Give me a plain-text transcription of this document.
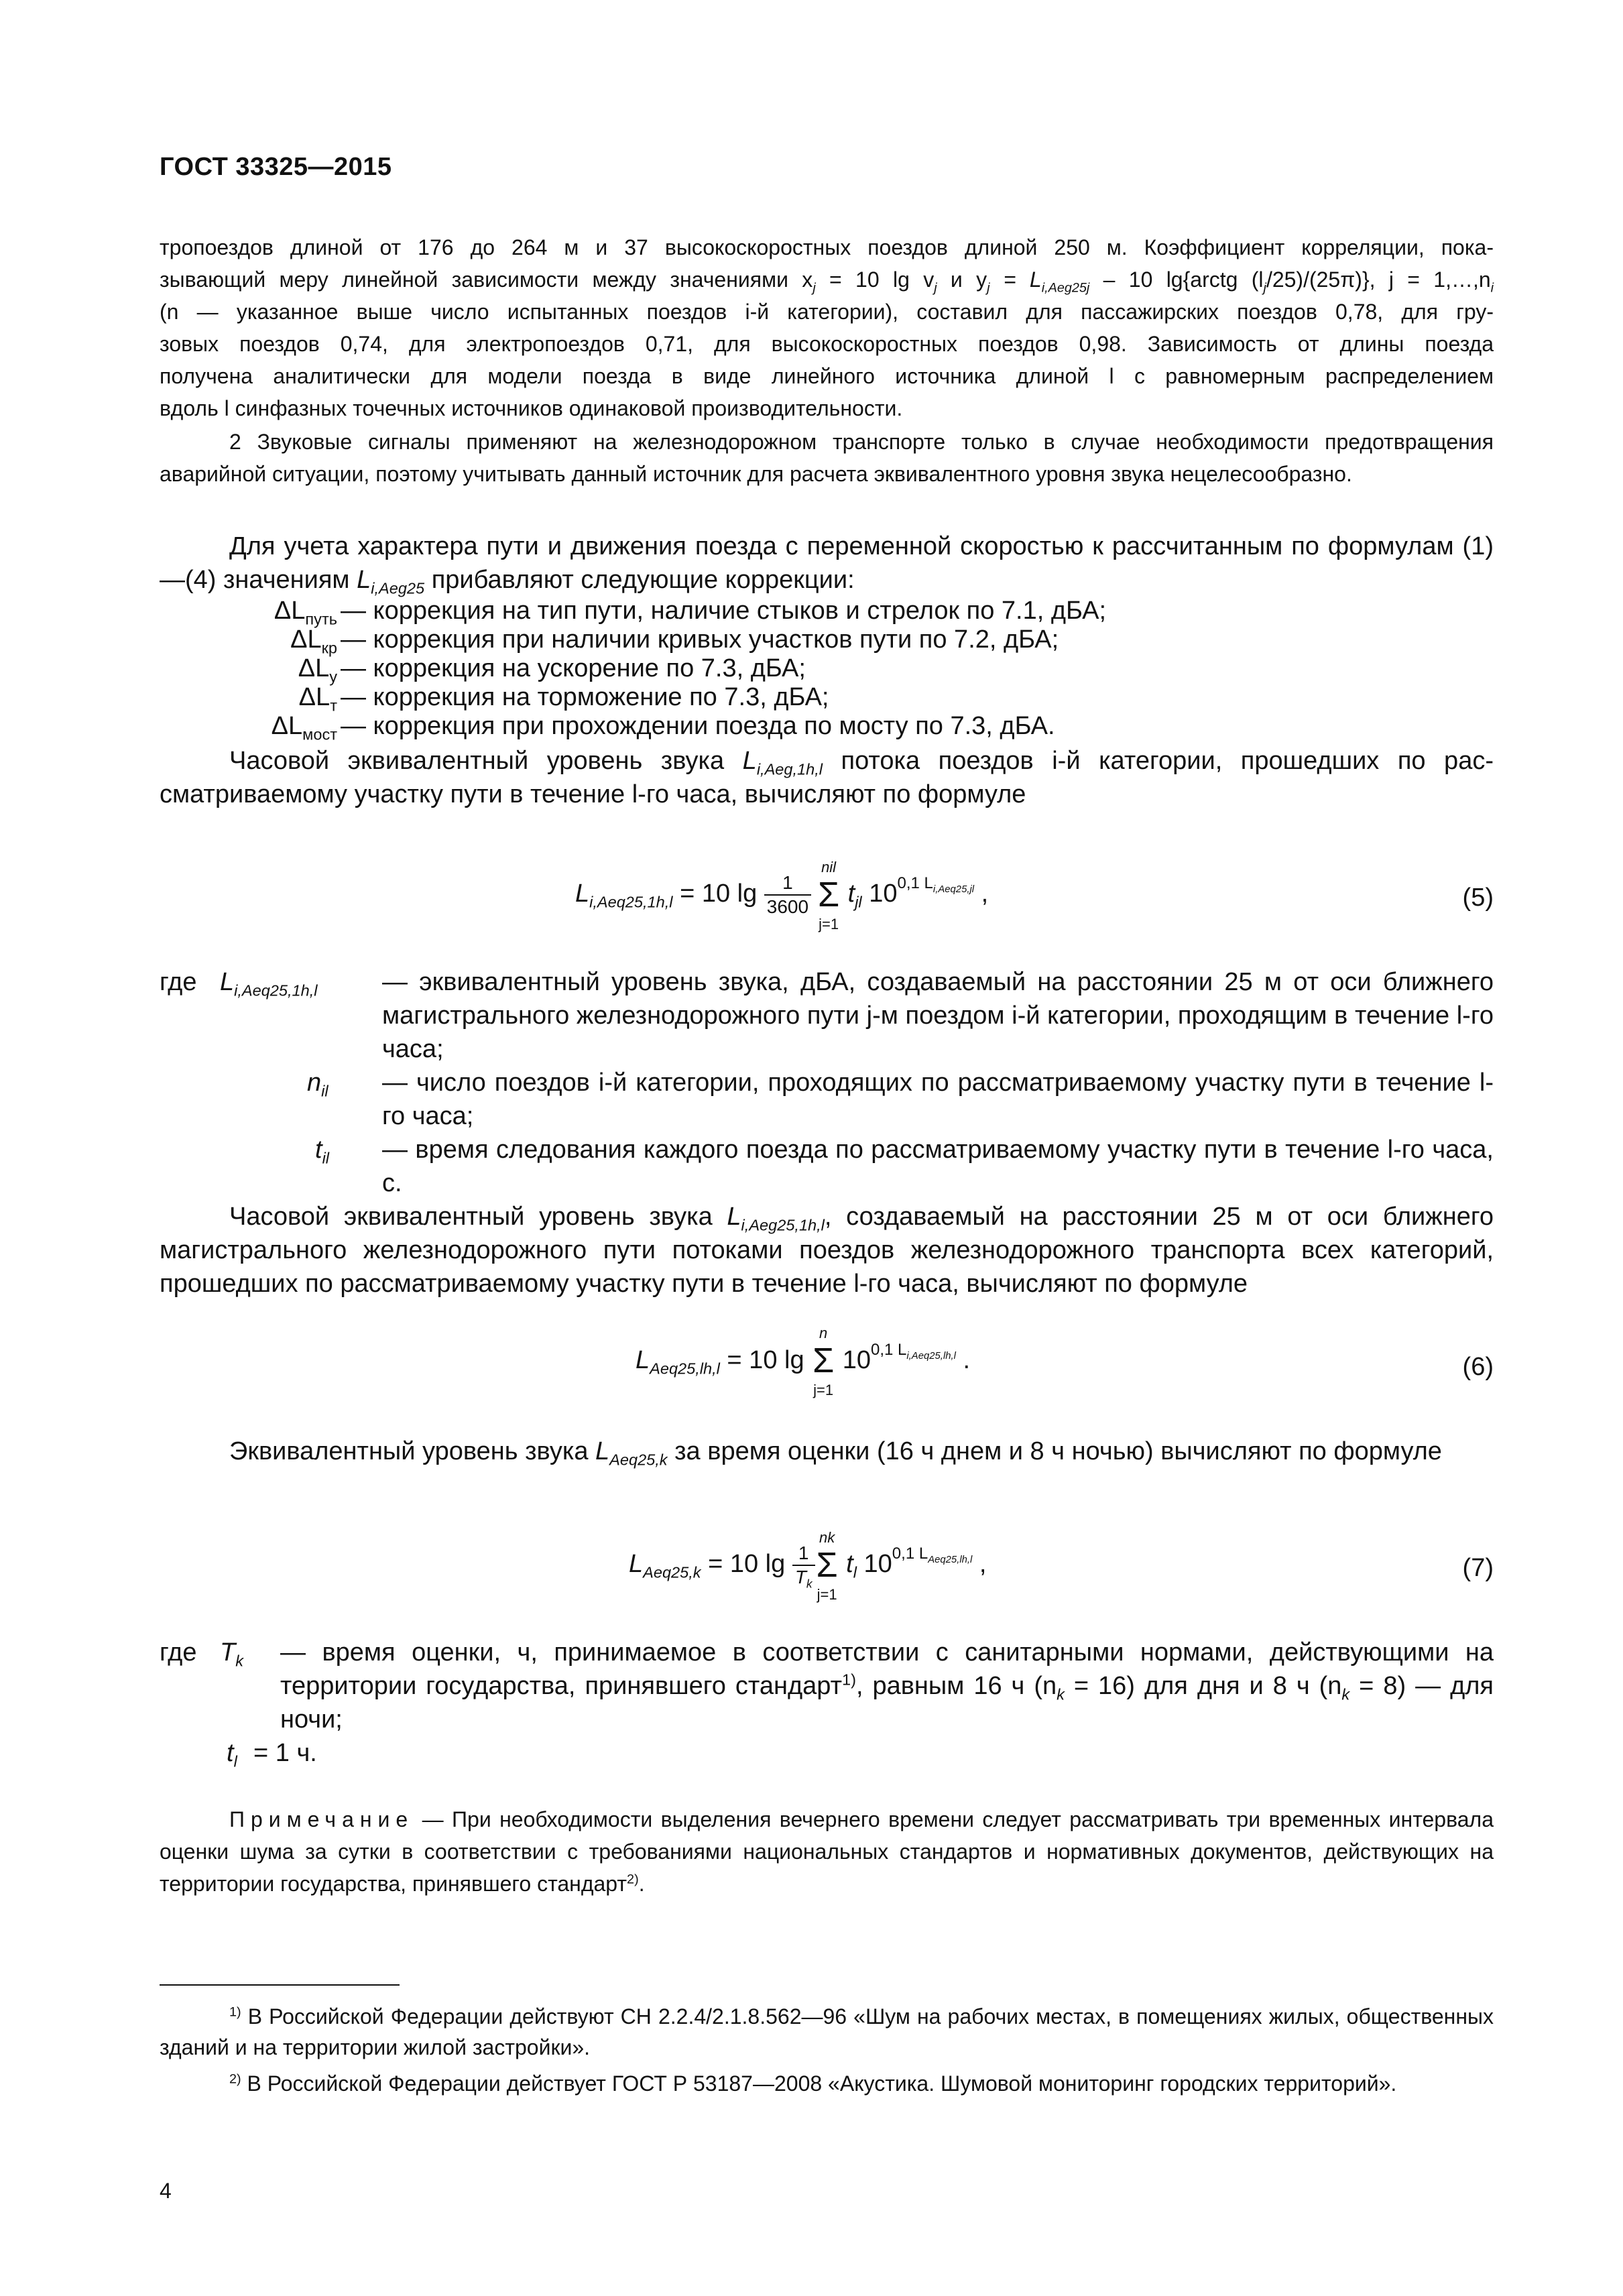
ГОСТ 33325—2015

тропоездов длиной от 176 до 264 м и 37 высокоскоростных поездов длиной 250 м. Коэффициент корреляции, пока-

зывающий меру линейной зависимости между значениями $x_j = 10$ $\lg v_j$ и $y_j = L_{i,Aeg25j} - 10$ lg{arctg $(l_j/25)/(25\pi)$}, $j = 1,\dots,n_i$

(n — указанное выше число испытанных поездов i-й категории), составил для пассажирских поездов 0,78, для гру-

зовых поездов 0,74, для электропоездов 0,71, для высокоскоростных поездов 0,98. Зависимость от длины поезда

получена аналитически для модели поезда в виде линейного источника длиной l с равномерным распределением

вдоль l синфазных точечных источников одинаковой производительности.

2 Звуковые сигналы применяют на железнодорожном транспорте только в случае необходимости предотвращения аварийной ситуации, поэтому учитывать данный источник для расчета эквивалентного уровня звука нецелесообразно.
Для учета характера пути и движения поезда с переменной скоростью к рассчитанным по формулам (1)—(4) значениям $L_{i,Aeg25}$ прибавляют следующие коррекции:
$\Delta L_{путь}$ — коррекция на тип пути, наличие стыков и стрелок по 7.1, дБА;
$\Delta L_{кр}$ — коррекция при наличии кривых участков пути по 7.2, дБА;
$\Delta L_у$ — коррекция на ускорение по 7.3, дБА;
$\Delta L_т$ — коррекция на торможение по 7.3, дБА;
$\Delta L_{мост}$ — коррекция при прохождении поезда по мосту по 7.3, дБА.
Часовой эквивалентный уровень звука $L_{i,Aeg,1h,l}$ потока поездов i-й категории, прошедших по рассматриваемому участку пути в течение l-го часа, вычисляют по формуле
$L_{i,Aeq25,1h,l} = 10$ $\lg \frac{1}{3600}$
nil
Σ
j=1
$t_{jl}$ $10^{0,1 L_{i,Aeq25,jl}}$ ,	(5)
где $L_{i,Aeq25,1h,l}$	— эквивалентный уровень звука, дБА, создаваемый на расстоянии 25 м от оси ближнего магистрального железнодорожного пути j-м поездом i-й категории, проходящим в течение l-го часа;
$n_{il}$ — число поездов i-й категории, проходящих по рассматриваемому участку пути в течение l-го часа;
$t_{il}$ — время следования каждого поезда по рассматриваемому участку пути в течение l-го часа, с.
Часовой эквивалентный уровень звука $L_{i,Aeg25,1h,l}$, создаваемый на расстоянии 25 м от оси ближнего магистрального железнодорожного пути потоками поездов железнодорожного транспорта всех категорий, прошедших по рассматриваемому участку пути в течение l-го часа, вычисляют по формуле
$L_{Aeq25,lh,l} = 10$ lg
n
Σ
j=1
$10^{0,1 L_{i,Aeq25,lh,l}}$ .	(6)
Эквивалентный уровень звука $L_{Aeq25,k}$ за время оценки (16 ч днем и 8 ч ночью) вычисляют по формуле
$L_{Aeq25,k} = 10$ $\lg \frac{1}{T_k}$
nk
Σ
j=1
$t_l$ $10^{0,1 L_{Aeq25,lh,l}}$ ,	(7)
где $T_k$ — время оценки, ч, принимаемое в соответствии с санитарными нормами, действующими на территории государства, принявшего стандарт$^{1)}$, равным 16 ч $(n_k = 16)$ для дня и 8 ч $(n_k = 8)$ — для ночи;
$t_l = 1$ ч.
Примечание — При необходимости выделения вечернего времени следует рассматривать три временных интервала оценки шума за сутки в соответствии с требованиями национальных стандартов и нормативных документов, действующих на территории государства, принявшего стандарт$^{2)}$.
$^{1)}$ В Российской Федерации действуют СН 2.2.4/2.1.8.562—96 «Шум на рабочих местах, в помещениях жилых, общественных зданий и на территории жилой застройки».
$^{2)}$ В Российской Федерации действует ГОСТ Р 53187—2008 «Акустика. Шумовой мониторинг городских территорий».
4
